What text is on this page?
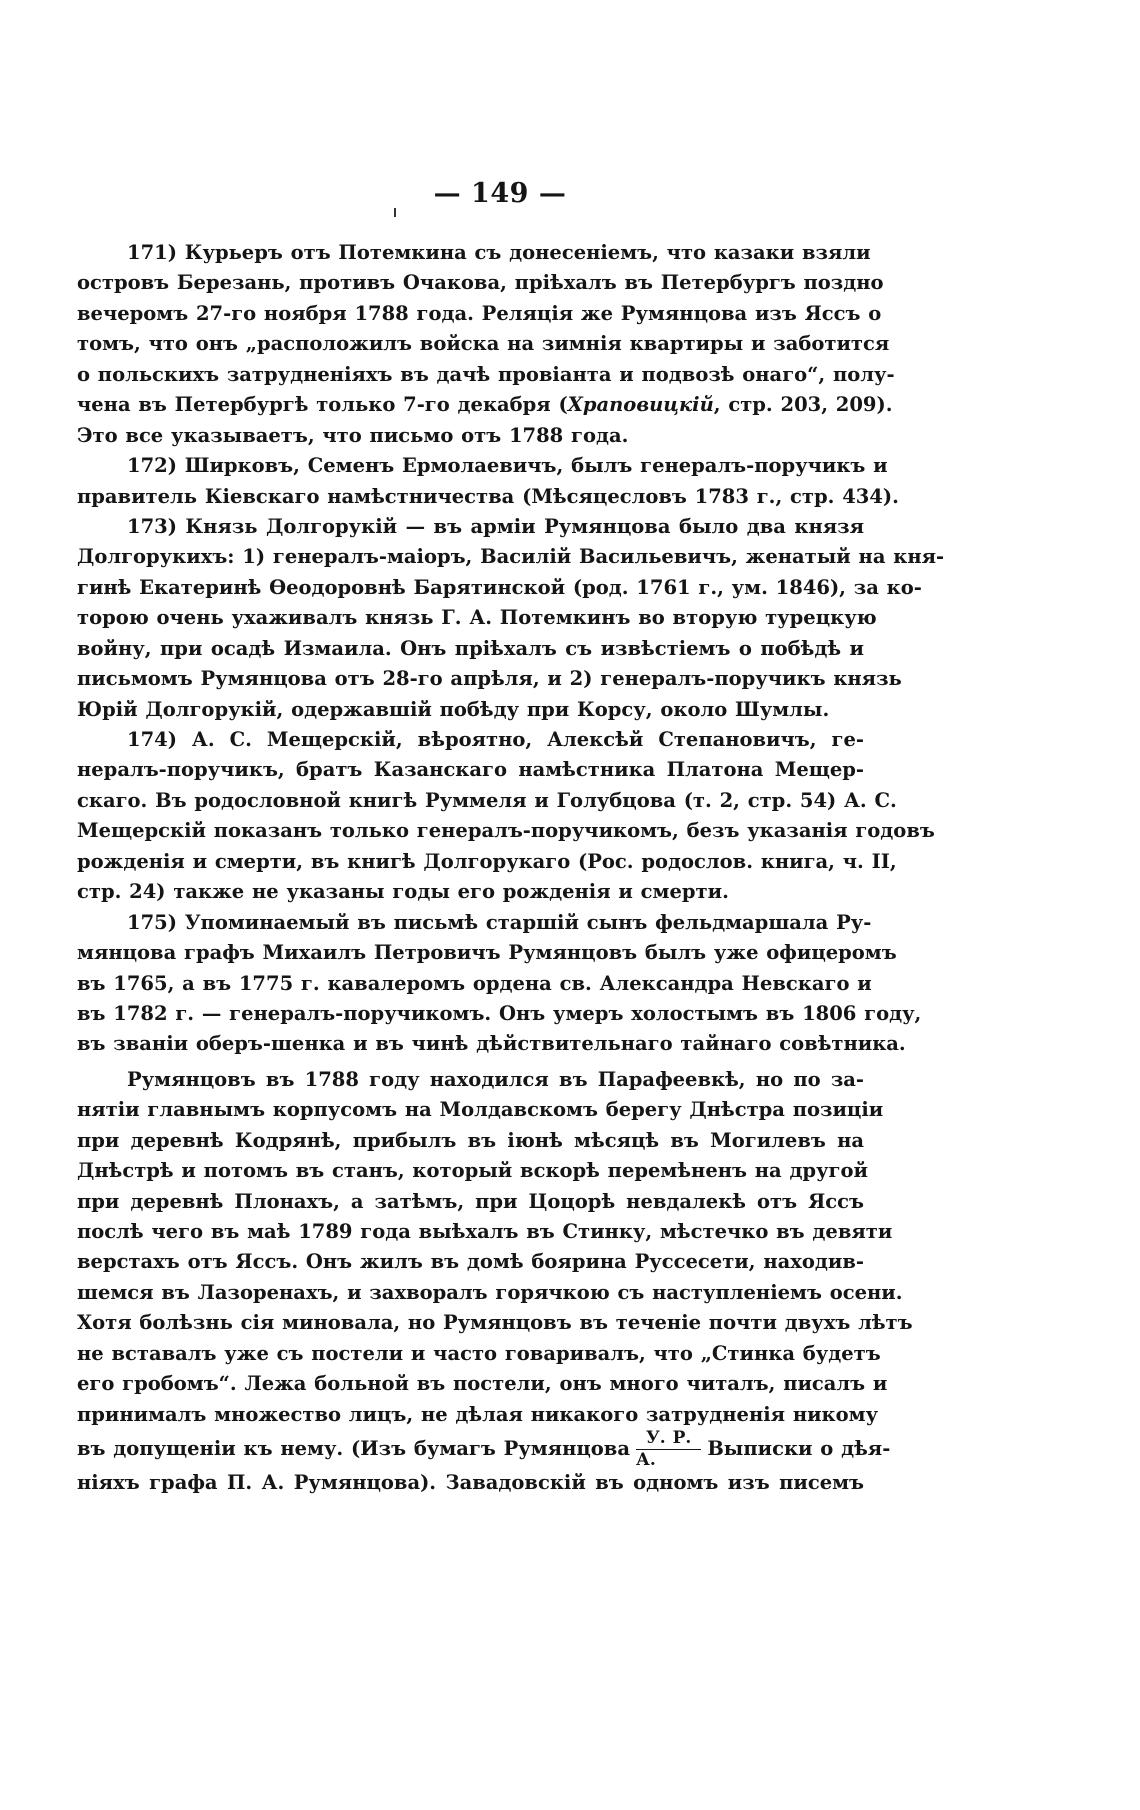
— 149 —
171) Курьеръ отъ Потемкина съ донесеніемъ, что казаки взяли
островъ Березань, противъ Очакова, пріѣхалъ въ Петербургъ поздно
вечеромъ 27-го ноября 1788 года. Реляція же Румянцова изъ Яссъ о
томъ, что онъ „расположилъ войска на зимнія квартиры и заботится
о польскихъ затрудненіяхъ въ дачѣ провіанта и подвозѣ онаго“, полу-
чена въ Петербургѣ только 7-го декабря (Храповицкій, стр. 203, 209).
Это все указываетъ, что письмо отъ 1788 года.
172) Ширковъ, Семенъ Ермолаевичъ, былъ генералъ-поручикъ и
правитель Кіевскаго намѣстничества (Мѣсяцесловъ 1783 г., стр. 434).
173) Князь Долгорукій — въ арміи Румянцова было два князя
Долгорукихъ: 1) генералъ-маіоръ, Василій Васильевичъ, женатый на кня-
гинѣ Екатеринѣ Ѳеодоровнѣ Барятинской (род. 1761 г., ум. 1846), за ко-
торою очень ухаживалъ князь Г. А. Потемкинъ во вторую турецкую
войну, при осадѣ Измаила. Онъ пріѣхалъ съ извѣстіемъ о побѣдѣ и
письмомъ Румянцова отъ 28-го апрѣля, и 2) генералъ-поручикъ князь
Юрій Долгорукій, одержавшій побѣду при Корсу, около Шумлы.
174) А. С. Мещерскій, вѣроятно, Алексѣй Степановичъ, ге-
нералъ-поручикъ, братъ Казанскаго намѣстника Платона Мещер-
скаго. Въ родословной книгѣ Руммеля и Голубцова (т. 2, стр. 54) А. С.
Мещерскій показанъ только генералъ-поручикомъ, безъ указанія годовъ
рожденія и смерти, въ книгѣ Долгорукаго (Рос. родослов. книга, ч. II,
стр. 24) также не указаны годы его рожденія и смерти.
175) Упоминаемый въ письмѣ старшій сынъ фельдмаршала Ру-
мянцова графъ Михаилъ Петровичъ Румянцовъ былъ уже офицеромъ
въ 1765, а въ 1775 г. кавалеромъ ордена св. Александра Невскаго и
въ 1782 г. — генералъ-поручикомъ. Онъ умеръ холостымъ въ 1806 году,
въ званіи оберъ-шенка и въ чинѣ дѣйствительнаго тайнаго совѣтника.
Румянцовъ въ 1788 году находился въ Парафеевкѣ, но по за-
нятіи главнымъ корпусомъ на Молдавскомъ берегу Днѣстра позиціи
при деревнѣ Кодрянѣ, прибылъ въ іюнѣ мѣсяцѣ въ Могилевъ на
Днѣстрѣ и потомъ въ станъ, который вскорѣ перемѣненъ на другой
при деревнѣ Плонахъ, а затѣмъ, при Цоцорѣ невдалекѣ отъ Яссъ
послѣ чего въ маѣ 1789 года выѣхалъ въ Стинку, мѣстечко въ девяти
верстахъ отъ Яссъ. Онъ жилъ въ домѣ боярина Руссесети, находив-
шемся въ Лазоренахъ, и захворалъ горячкою съ наступленіемъ осени.
Хотя болѣзнь сія миновала, но Румянцовъ въ теченіе почти двухъ лѣтъ
не вставалъ уже съ постели и часто говаривалъ, что „Стинка будетъ
его гробомъ“. Лежа больной въ постели, онъ много читалъ, писалъ и
принималъ множество лицъ, не дѣлая никакого затрудненія никому
въ допущеніи къ нему. (Изъ бумагъ Румянцова $\frac{У. Р.}{А.}$ Выписки о дѣя-
ніяхъ графа П. А. Румянцова). Завадовскій въ одномъ изъ писемъ
